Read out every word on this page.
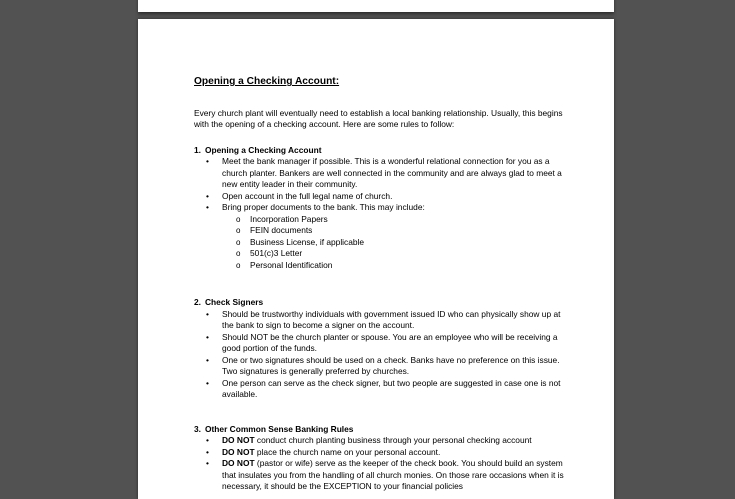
Opening a Checking Account:

Every church plant will eventually need to establish a local banking relationship. Usually, this begins with the opening of a checking account. Here are some rules to follow:

1. Opening a Checking Account

• Meet the bank manager if possible. This is a wonderful relational connection for you as a church planter. Bankers are well connected in the community and are always glad to meet a new entity leader in their community.
• Open account in the full legal name of church.
• Bring proper documents to the bank. This may include:
o Incorporation Papers
o FEIN documents
o Business License, if applicable
o 501(c)3 Letter
o Personal Identification

2. Check Signers

• Should be trustworthy individuals with government issued ID who can physically show up at the bank to sign to become a signer on the account.
• Should NOT be the church planter or spouse. You are an employee who will be receiving a good portion of the funds.
• One or two signatures should be used on a check. Banks have no preference on this issue. Two signatures is generally preferred by churches.
• One person can serve as the check signer, but two people are suggested in case one is not available.

3. Other Common Sense Banking Rules

• DO NOT conduct church planting business through your personal checking account
• DO NOT place the church name on your personal account.
• DO NOT (pastor or wife) serve as the keeper of the check book. You should build an system that insulates you from the handling of all church monies. On those rare occasions when it is necessary, it should be the EXCEPTION to your financial policies
